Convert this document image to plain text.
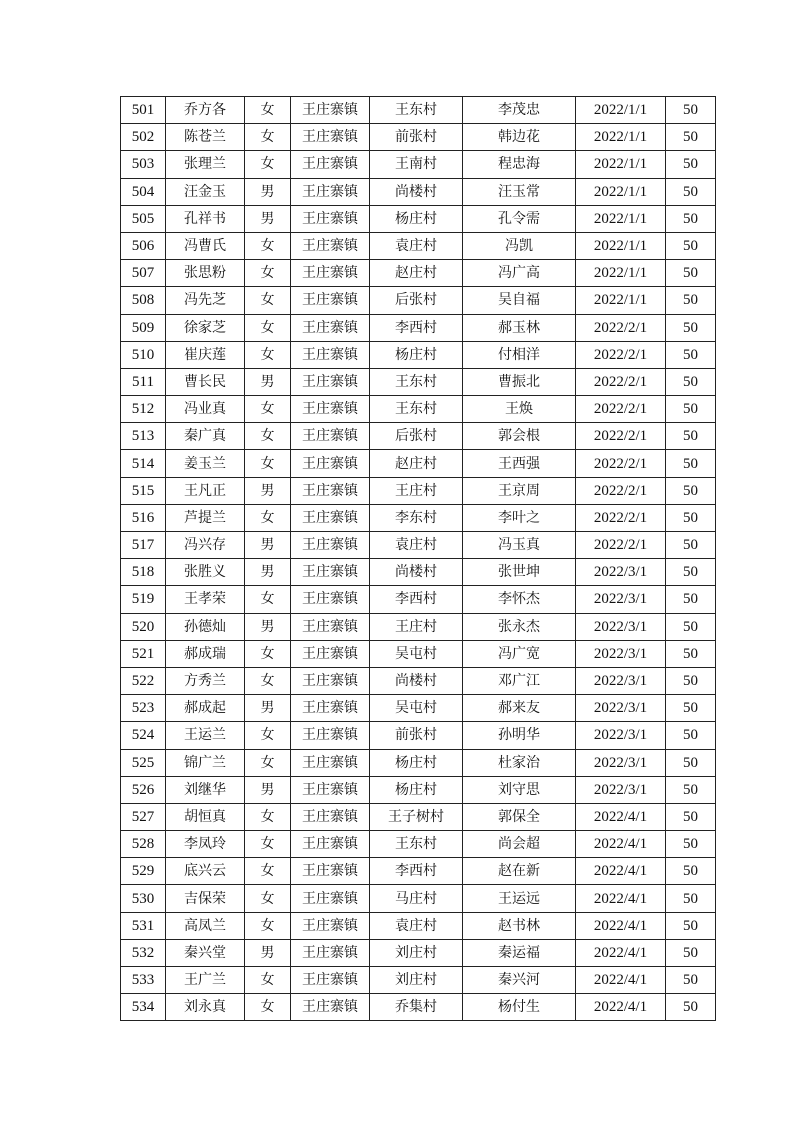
501	乔方各	女	王庄寨镇	王东村	李茂忠	2022/1/1	50
502	陈苍兰	女	王庄寨镇	前张村	韩边花	2022/1/1	50
503	张理兰	女	王庄寨镇	王南村	程忠海	2022/1/1	50
504	汪金玉	男	王庄寨镇	尚楼村	汪玉常	2022/1/1	50
505	孔祥书	男	王庄寨镇	杨庄村	孔令需	2022/1/1	50
506	冯曹氏	女	王庄寨镇	袁庄村	冯凯	2022/1/1	50
507	张思粉	女	王庄寨镇	赵庄村	冯广高	2022/1/1	50
508	冯先芝	女	王庄寨镇	后张村	吴自福	2022/1/1	50
509	徐家芝	女	王庄寨镇	李西村	郝玉林	2022/2/1	50
510	崔庆莲	女	王庄寨镇	杨庄村	付相洋	2022/2/1	50
511	曹长民	男	王庄寨镇	王东村	曹振北	2022/2/1	50
512	冯业真	女	王庄寨镇	王东村	王焕	2022/2/1	50
513	秦广真	女	王庄寨镇	后张村	郭会根	2022/2/1	50
514	姜玉兰	女	王庄寨镇	赵庄村	王西强	2022/2/1	50
515	王凡正	男	王庄寨镇	王庄村	王京周	2022/2/1	50
516	芦提兰	女	王庄寨镇	李东村	李叶之	2022/2/1	50
517	冯兴存	男	王庄寨镇	袁庄村	冯玉真	2022/2/1	50
518	张胜义	男	王庄寨镇	尚楼村	张世坤	2022/3/1	50
519	王孝荣	女	王庄寨镇	李西村	李怀杰	2022/3/1	50
520	孙德灿	男	王庄寨镇	王庄村	张永杰	2022/3/1	50
521	郝成瑞	女	王庄寨镇	吴屯村	冯广宽	2022/3/1	50
522	方秀兰	女	王庄寨镇	尚楼村	邓广江	2022/3/1	50
523	郝成起	男	王庄寨镇	吴屯村	郝来友	2022/3/1	50
524	王运兰	女	王庄寨镇	前张村	孙明华	2022/3/1	50
525	锦广兰	女	王庄寨镇	杨庄村	杜家治	2022/3/1	50
526	刘继华	男	王庄寨镇	杨庄村	刘守思	2022/3/1	50
527	胡恒真	女	王庄寨镇	王子树村	郭保全	2022/4/1	50
528	李凤玲	女	王庄寨镇	王东村	尚会超	2022/4/1	50
529	底兴云	女	王庄寨镇	李西村	赵在新	2022/4/1	50
530	吉保荣	女	王庄寨镇	马庄村	王运远	2022/4/1	50
531	高凤兰	女	王庄寨镇	袁庄村	赵书林	2022/4/1	50
532	秦兴堂	男	王庄寨镇	刘庄村	秦运福	2022/4/1	50
533	王广兰	女	王庄寨镇	刘庄村	秦兴河	2022/4/1	50
534	刘永真	女	王庄寨镇	乔集村	杨付生	2022/4/1	50
